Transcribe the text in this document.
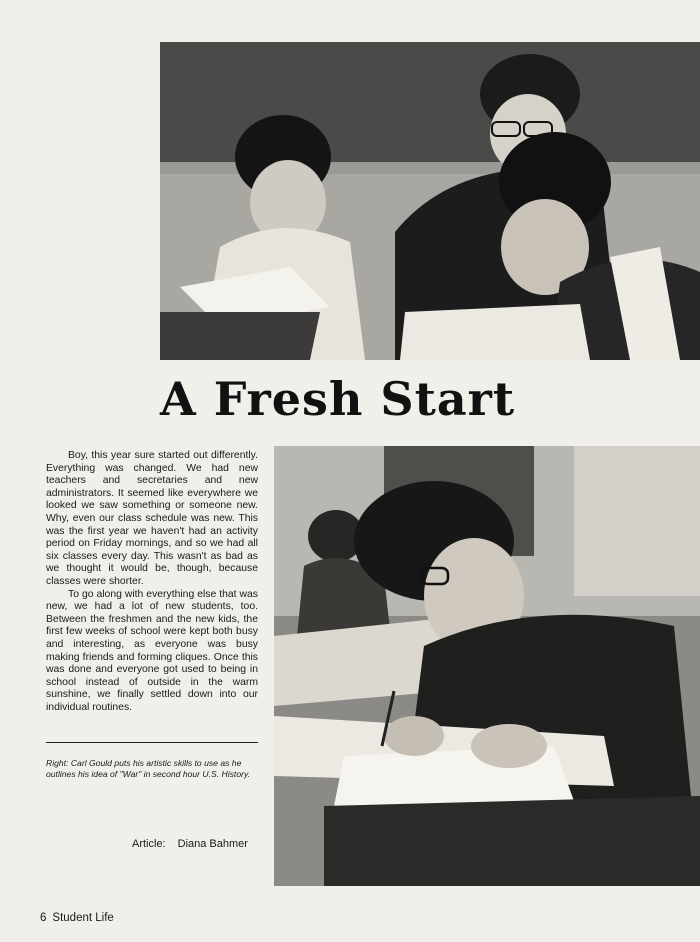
A Fresh Start

Boy, this year sure started out differently. Everything was changed. We had new teachers and secretaries and new administrators. It seemed like everywhere we looked we saw something or someone new. Why, even our class schedule was new. This was the first year we haven't had an activity period on Friday mornings, and so we had all six classes every day. This wasn't as bad as we thought it would be, though, because classes were shorter.

To go along with everything else that was new, we had a lot of new students, too. Between the freshmen and the new kids, the first few weeks of school were kept both busy and interesting, as everyone was busy making friends and forming cliques. Once this was done and everyone got used to being in school instead of outside in the warm sunshine, we finally settled down into our individual routines.

Right: Carl Gould puts his artistic skills to use as he outlines his idea of "War" in second hour U.S. History.

Article: Diana Bahmer
6 Student Life
